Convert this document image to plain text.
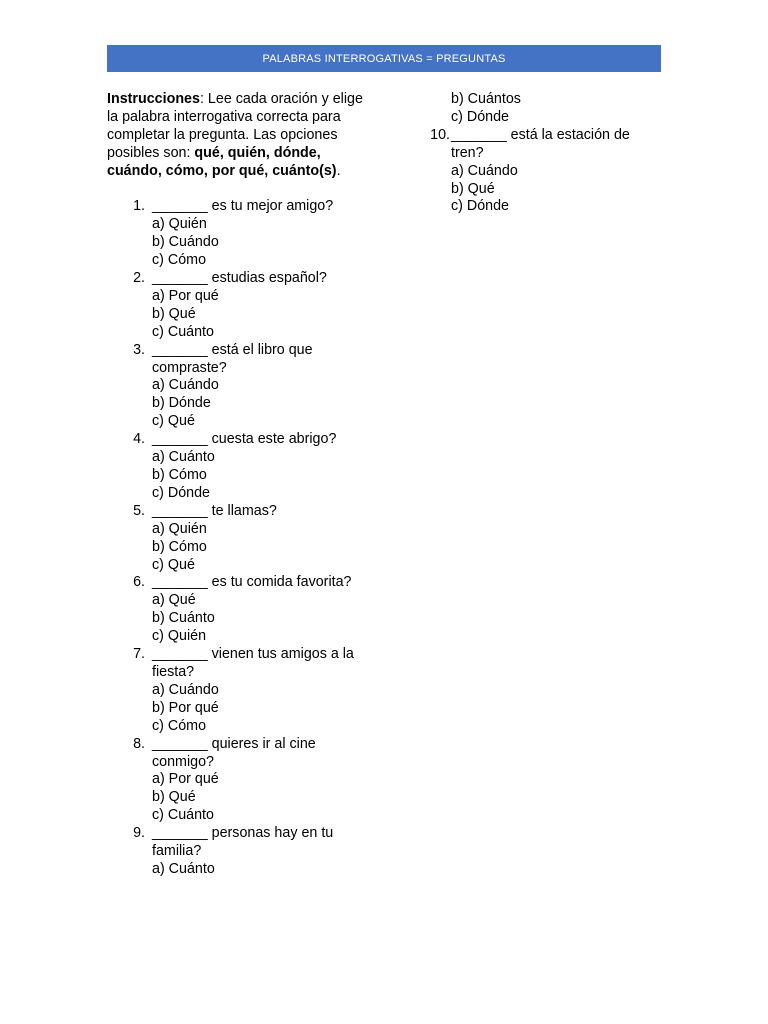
PALABRAS INTERROGATIVAS = PREGUNTAS

Instrucciones: Lee cada oración y elige la palabra interrogativa correcta para completar la pregunta. Las opciones posibles son: qué, quién, dónde, cuándo, cómo, por qué, cuánto(s).

1. _______ es tu mejor amigo?
a) Quién
b) Cuándo
c) Cómo
2. _______ estudias español?
a) Por qué
b) Qué
c) Cuánto
3. _______ está el libro que compraste?
a) Cuándo
b) Dónde
c) Qué
4. _______ cuesta este abrigo?
a) Cuánto
b) Cómo
c) Dónde
5. _______ te llamas?
a) Quién
b) Cómo
c) Qué
6. _______ es tu comida favorita?
a) Qué
b) Cuánto
c) Quién
7. _______ vienen tus amigos a la fiesta?
a) Cuándo
b) Por qué
c) Cómo
8. _______ quieres ir al cine conmigo?
a) Por qué
b) Qué
c) Cuánto
9. _______ personas hay en tu familia?
a) Cuánto
b) Cuántos
c) Dónde
10. _______ está la estación de tren?
a) Cuándo
b) Qué
c) Dónde
